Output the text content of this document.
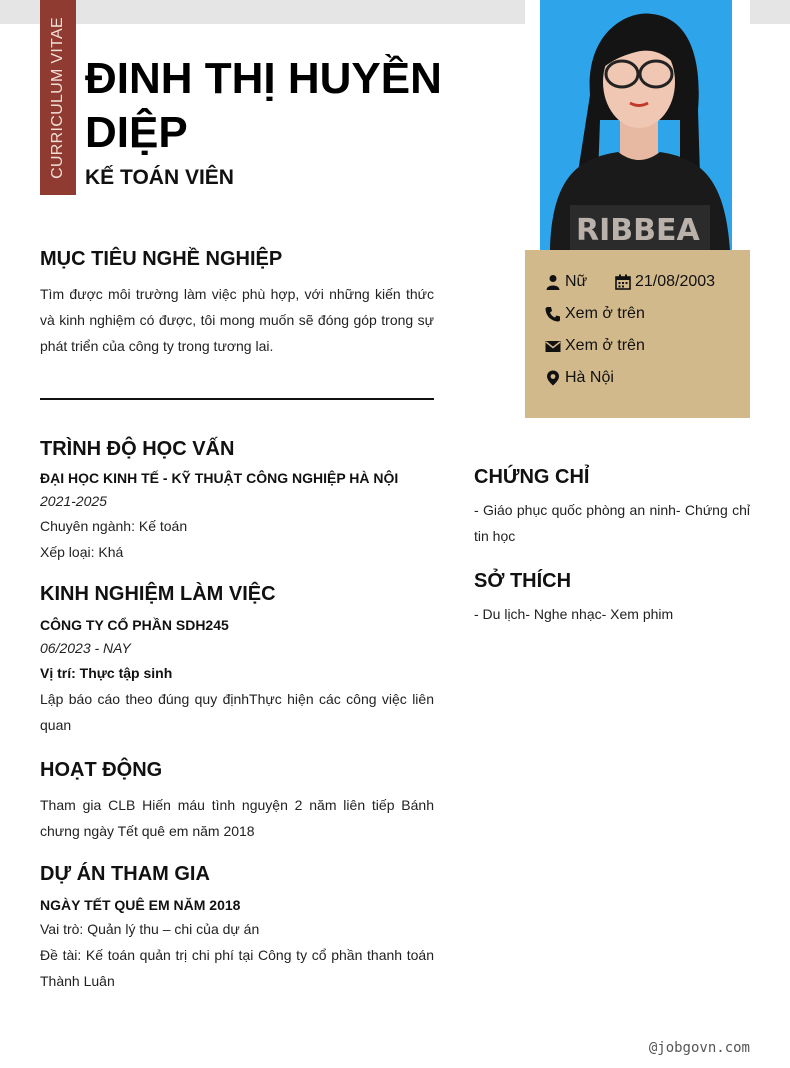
CURRICULUM VITAE ĐINH THỊ HUYỀN DIỆP
KẾ TOÁN VIÊN
RIBBEA
Nữ	21/08/2003
Xem ở trên
Xem ở trên
Hà Nội
MỤC TIÊU NGHỀ NGHIỆP

Tìm được môi trường làm việc phù hợp, với những kiến thức và kinh nghiệm có được, tôi mong muốn sẽ đóng góp trong sự phát triển của công ty trong tương lai.

TRÌNH ĐỘ HỌC VẤN

ĐẠI HỌC KINH TẾ - KỸ THUẬT CÔNG NGHIỆP HÀ NỘI

2021-2025

Chuyên ngành: Kế toán

Xếp loại: Khá

KINH NGHIỆM LÀM VIỆC

CÔNG TY CỔ PHẦN SDH245

06/2023 - NAY

Vị trí: Thực tập sinh

Lập báo cáo theo đúng quy địnhThực hiện các công việc liên quan

HOẠT ĐỘNG

Tham gia CLB Hiến máu tình nguyện 2 năm liên tiếp Bánh chưng ngày Tết quê em năm 2018

DỰ ÁN THAM GIA

NGÀY TẾT QUÊ EM NĂM 2018

Vai trò: Quản lý thu – chi của dự án

Đề tài: Kế toán quản trị chi phí tại Công ty cổ phần thanh toán Thành Luân

CHỨNG CHỈ

- Giáo phục quốc phòng an ninh- Chứng chỉ tin học

SỞ THÍCH

- Du lịch- Nghe nhạc- Xem phim

@jobgovn.com
